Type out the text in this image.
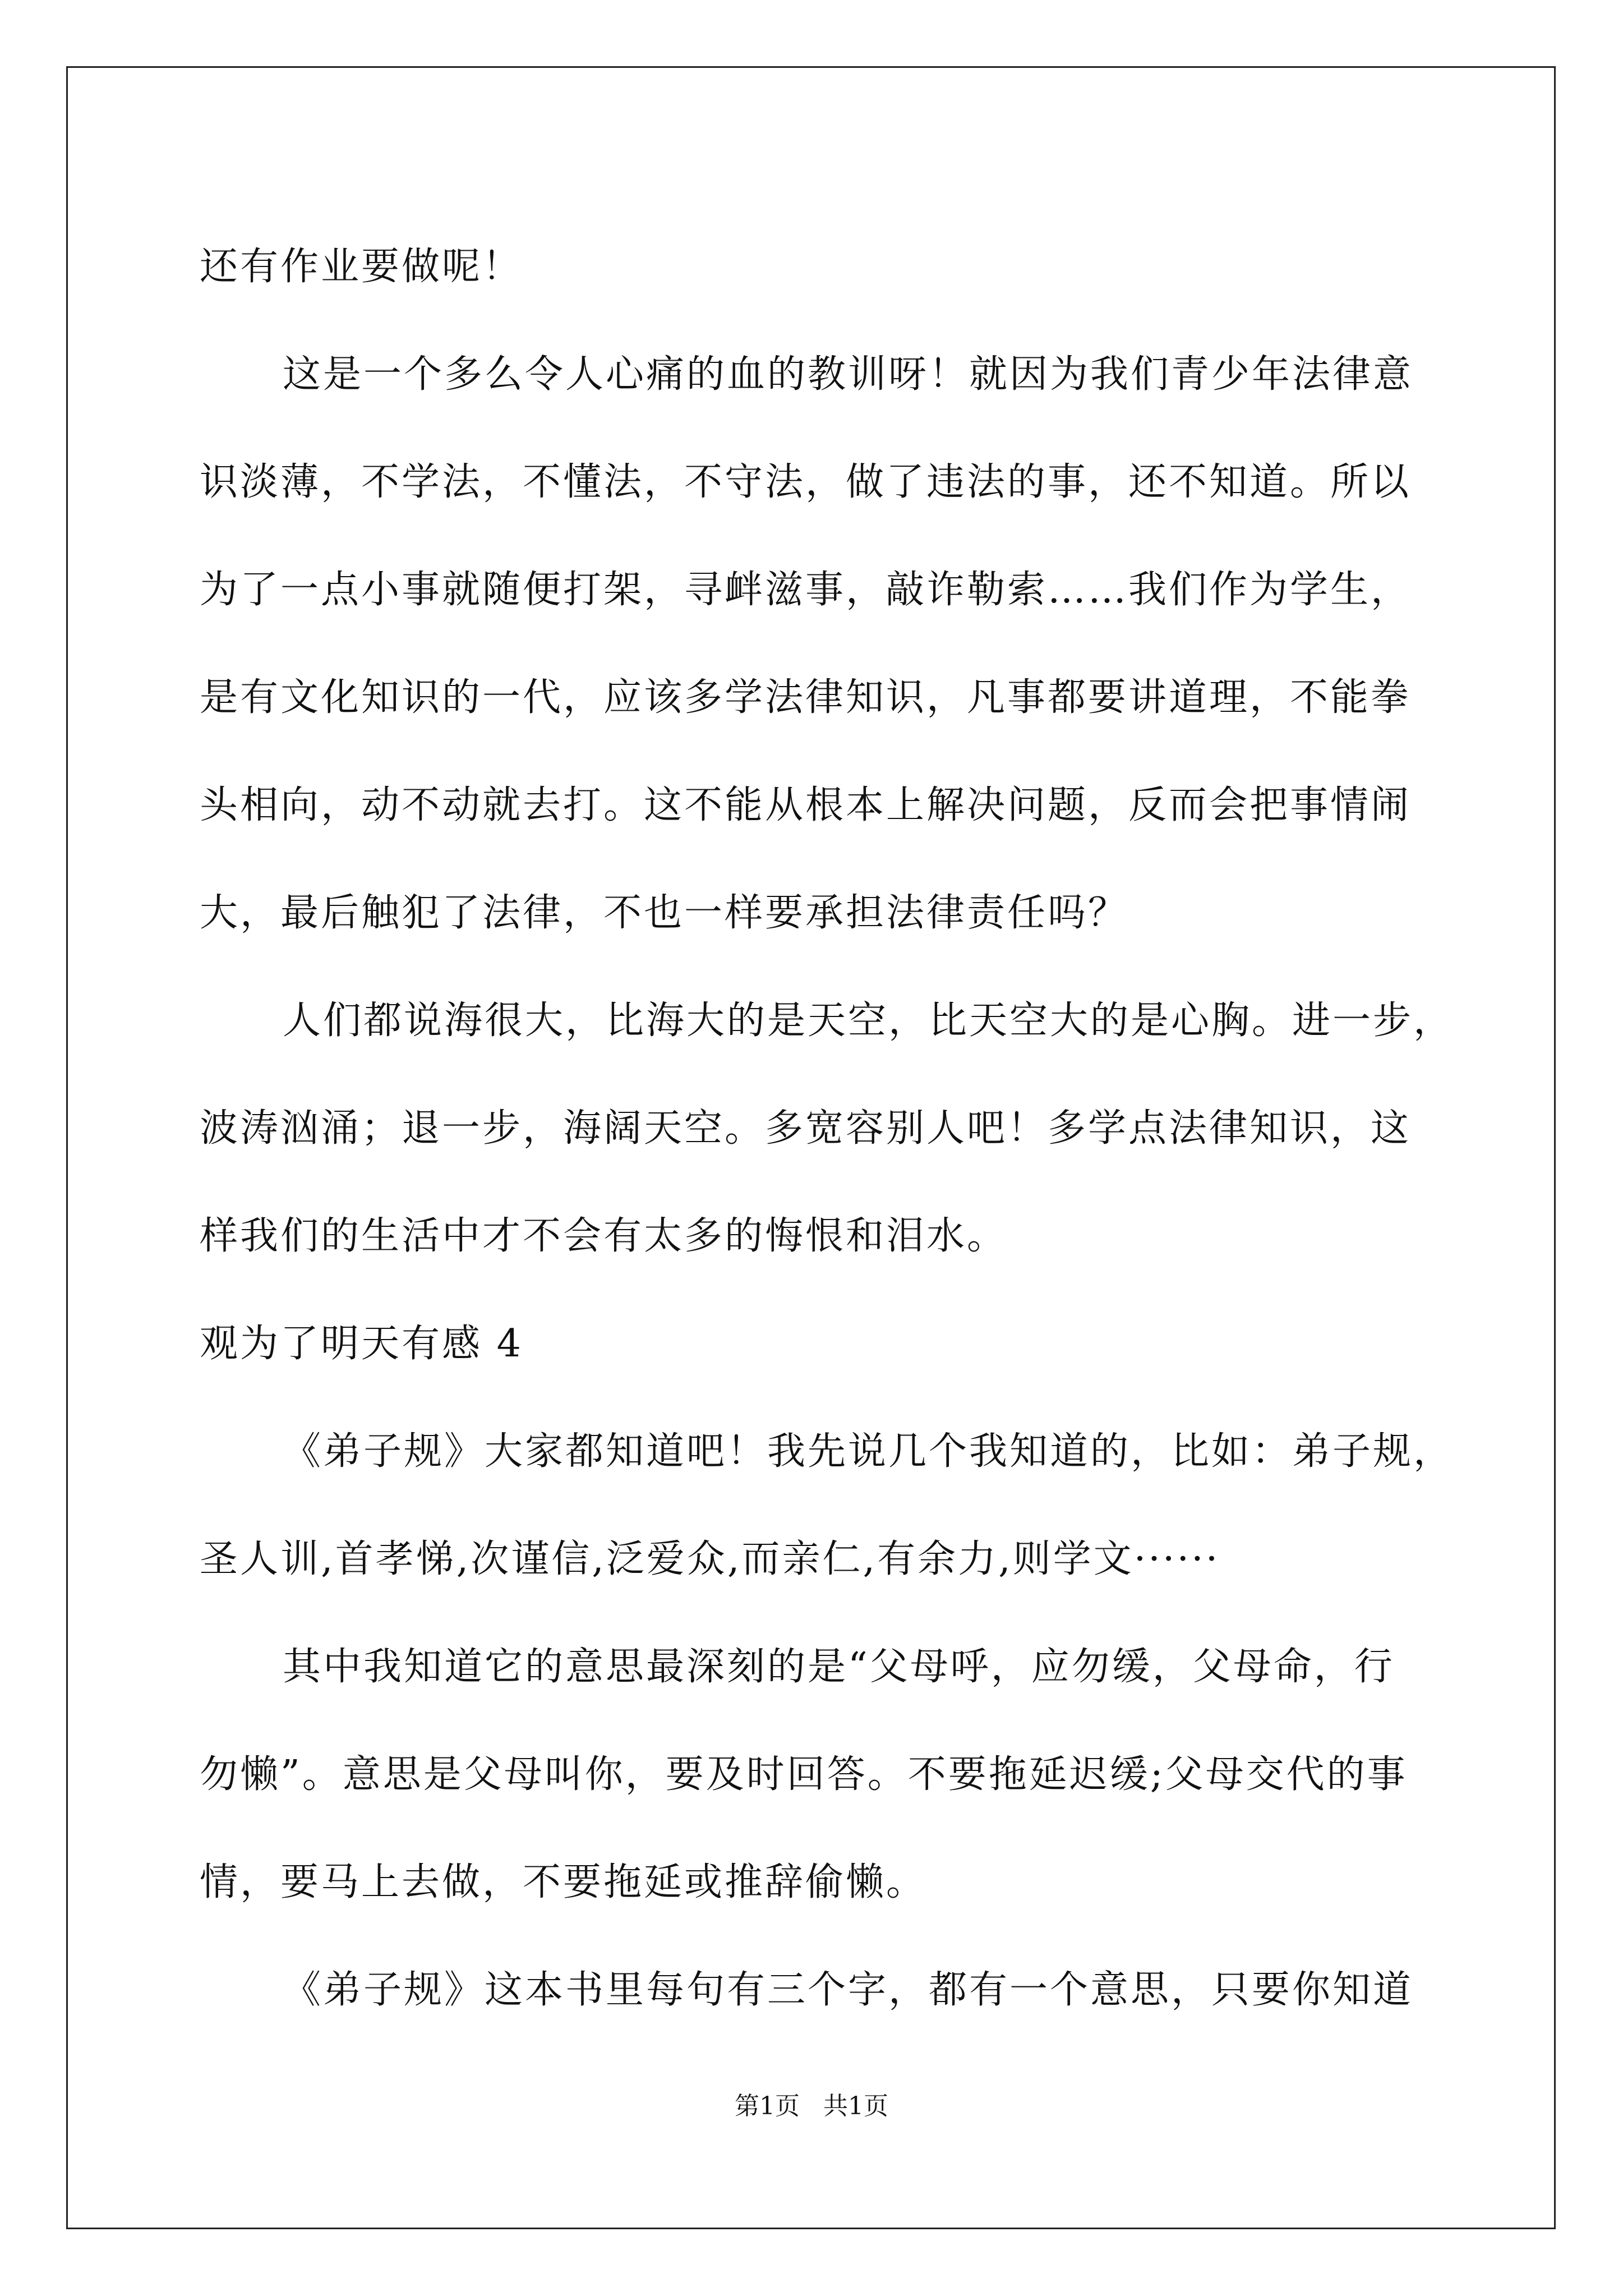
还有作业要做呢！
这是一个多么令人心痛的血的教训呀！就因为我们青少年法律意
识淡薄，不学法，不懂法，不守法，做了违法的事，还不知道。所以
为了一点小事就随便打架，寻衅滋事，敲诈勒索……我们作为学生，
是有文化知识的一代，应该多学法律知识，凡事都要讲道理，不能拳
头相向，动不动就去打。这不能从根本上解决问题，反而会把事情闹
大，最后触犯了法律，不也一样要承担法律责任吗？
人们都说海很大，比海大的是天空，比天空大的是心胸。进一步，
波涛汹涌；退一步，海阔天空。多宽容别人吧！多学点法律知识，这
样我们的生活中才不会有太多的悔恨和泪水。
观为了明天有感 4
《弟子规》大家都知道吧！我先说几个我知道的，比如：弟子规，
圣人训,首孝悌,次谨信,泛爱众,而亲仁,有余力,则学文······
其中我知道它的意思最深刻的是“父母呼，应勿缓，父母命，行
勿懒”。意思是父母叫你，要及时回答。不要拖延迟缓;父母交代的事
情，要马上去做，不要拖延或推辞偷懒。
《弟子规》这本书里每句有三个字，都有一个意思，只要你知道
第1页   共1页
